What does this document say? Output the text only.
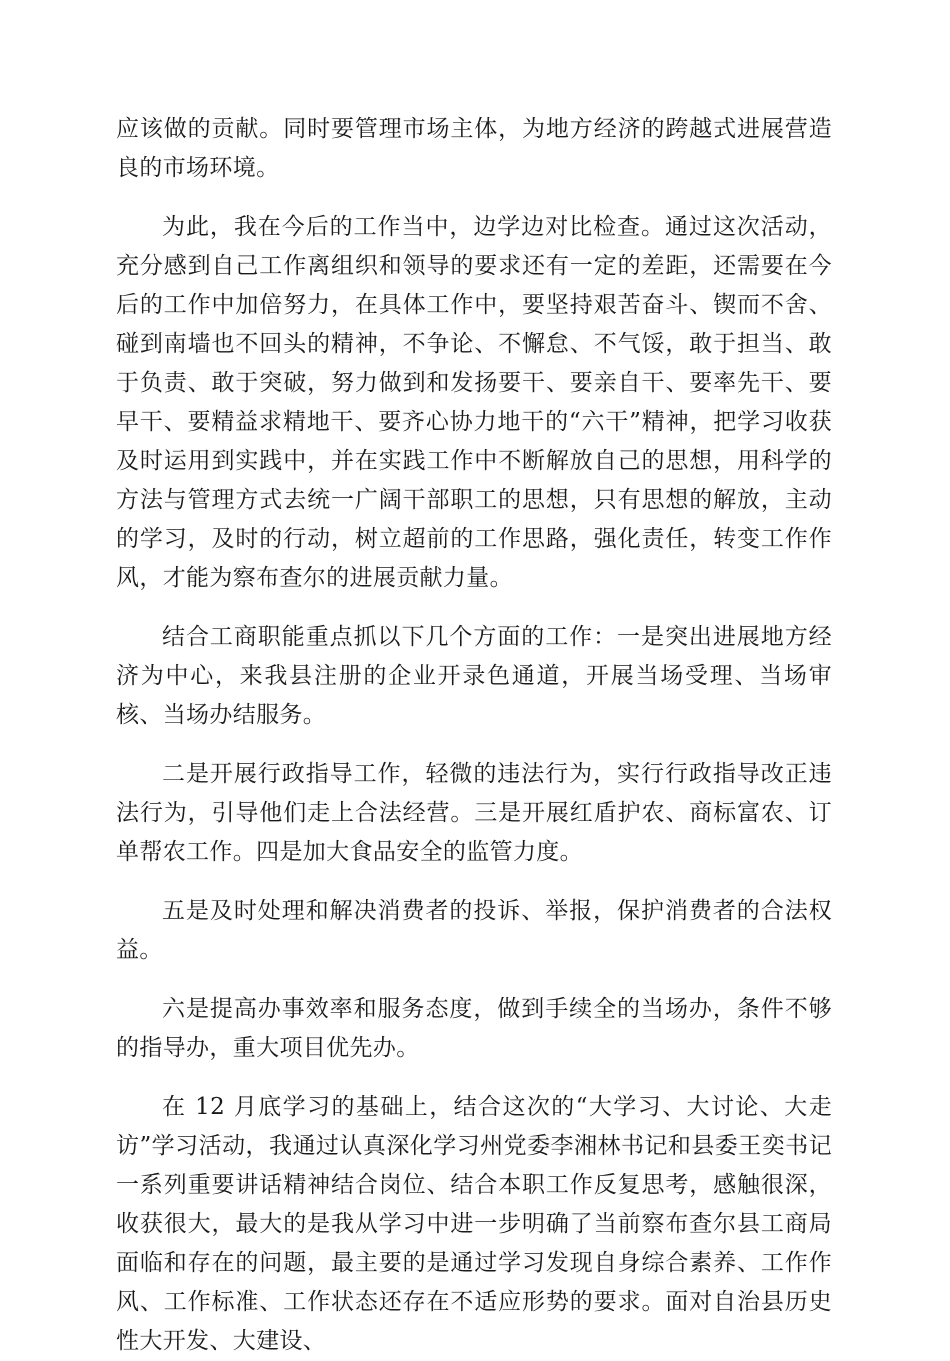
应该做的贡献。同时要管理市场主体，为地方经济的跨越式进展营造良的市场环境。

为此，我在今后的工作当中，边学边对比检查。通过这次活动，充分感到自己工作离组织和领导的要求还有一定的差距，还需要在今后的工作中加倍努力，在具体工作中，要坚持艰苦奋斗、锲而不舍、碰到南墙也不回头的精神，不争论、不懈怠、不气馁，敢于担当、敢于负责、敢于突破，努力做到和发扬要干、要亲自干、要率先干、要早干、要精益求精地干、要齐心协力地干的“六干”精神，把学习收获及时运用到实践中，并在实践工作中不断解放自己的思想，用科学的方法与管理方式去统一广阔干部职工的思想，只有思想的解放，主动的学习，及时的行动，树立超前的工作思路，强化责任，转变工作作风，才能为察布查尔的进展贡献力量。

结合工商职能重点抓以下几个方面的工作：一是突出进展地方经济为中心，来我县注册的企业开录色通道，开展当场受理、当场审核、当场办结服务。

二是开展行政指导工作，轻微的违法行为，实行行政指导改正违法行为，引导他们走上合法经营。三是开展红盾护农、商标富农、订单帮农工作。四是加大食品安全的监管力度。

五是及时处理和解决消费者的投诉、举报，保护消费者的合法权益。

六是提高办事效率和服务态度，做到手续全的当场办，条件不够的指导办，重大项目优先办。

在 12 月底学习的基础上，结合这次的“大学习、大讨论、大走访”学习活动，我通过认真深化学习州党委李湘林书记和县委王奕书记一系列重要讲话精神结合岗位、结合本职工作反复思考，感触很深，收获很大，最大的是我从学习中进一步明确了当前察布查尔县工商局面临和存在的问题，最主要的是通过学习发现自身综合素养、工作作风、工作标准、工作状态还存在不适应形势的要求。面对自治县历史性大开发、大建设、
